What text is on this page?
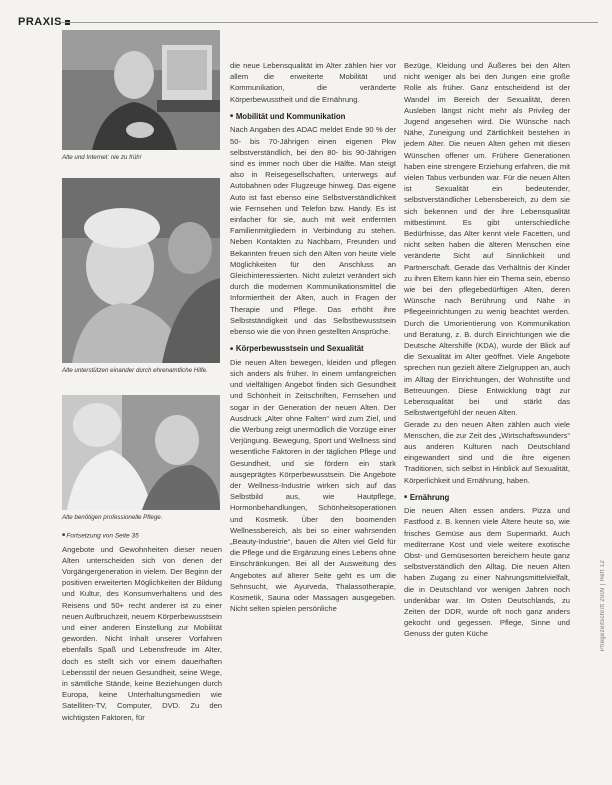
PRAXIS
Alte und Internet: nie zu früh!
Alte unterstützen einander durch ehrenamtliche Hilfe.
Alte benötigen professionelle Pflege.
■ Fortsetzung von Seite 35

Angebote und Gewohnheiten dieser neuen Alten unterscheiden sich von denen der Vorgängergeneration in vielem. Der Beginn der positiven erweiterten Möglichkeiten der Bildung und Kultur, des Konsumverhaltens und des Reisens und 50+ recht anderer ist zu einer neuen Aufbruchzeit, neuem Körperbewusstsein und einer anderen Einstellung zur Mobilität geworden. Nicht Inhalt unserer Vorfahren ebenfalls Spaß und Lebensfreude im Alter, doch es stellt sich vor einem dauerhaften Lebensstil der neuen Gesundheit, seine Wege, in sämtliche Stände, keine Beziehungen durch Europa, keine Unterhaltungsmedien wie Satelliten-TV, Computer, DVD. Zu den wichtigsten Faktoren, für

die neue Lebensqualität im Alter zählen hier vor allem die erweiterte Mobilität und Kommunikation, die veränderte Körperbewusstheit und die Ernährung.

■  Mobilität und Kommunikation

Nach Angaben des ADAC meldet Ende 90 % der 50- bis 70-Jährigen einen eigenen Pkw selbstverständlich, bei den 80- bis 90-Jährigen sind es immer noch über die Hälfte. Man steigt also in Reisegesellschaften, unterwegs auf Autobahnen oder Flugzeuge hinweg. Das eigene Auto ist fast ebenso eine Selbstverständlichkeit wie Fernsehen und Telefon bzw. Handy. Es ist einfacher für sie, auch mit weit entfernten Familienmitgliedern in Verbindung zu stehen. Neben Kontakten zu Nachbarn, Freunden und Bekannten freuen sich den Alten von heute viele Möglichkeiten für den Anschluss an Gleichinteressierten. Nicht zuletzt verändert sich durch die modernen Kommunikationsmittel die Informiertheit der Alten, auch in Fragen der Therapie und Pflege. Das erhöht ihre Selbstständigkeit und das Selbstbewusstsein ebenso wie die von ihnen gestellten Ansprüche.

■  Körperbewusstsein und Sexualität

Die neuen Alten bewegen, kleiden und pflegen sich anders als früher. In einem umfangreichen und vielfältigen Angebot finden sich Gesundheit und Schönheit in Zeitschriften, Fernsehen und sogar in der Generation der neuen Alten. Der Ausdruck „Alter ohne Falten“ wird zum Ziel, und die Werbung zeigt unermüdlich die Vorzüge einer Verjüngung. Bewegung, Sport und Wellness sind wesentliche Faktoren in der täglichen Pflege und Gesundheit, und sie fördern ein stark ausgeprägtes Körperbewusstsein. Die Angebote der Wellness-Industrie wirken sich auf das Selbstbild aus, wie Hautpflege, Hormonbehandlungen, Schönheitsoperationen und Kosmetik. Über den boomenden Wellnessbereich, als bei so einer wahrsenden „Beauty-Industrie“, bauen die Alten viel Geld für die Pflege und die Ergänzung eines Lebens ohne Einschränkungen. Bei all der Ausweitung des Angebotes auf älterer Seite geht es um die Sehnsucht, wie Ayurveda, Thalassotherapie, Kosmetik, Sauna oder Massagen ausgegeben. Nicht selten spielen persönliche

Bezüge, Kleidung und Äußeres bei den Alten nicht weniger als bei den Jungen eine große Rolle als früher. Ganz entscheidend ist der Wandel im Bereich der Sexualität, deren Ausleben längst nicht mehr als Privileg der Jugend angesehen wird. Die Wünsche nach Nähe, Zuneigung und Zärtlichkeit bestehen in jedem Alter. Die neuen Alten gehen mit diesen Wünschen offener um. Frühere Generationen haben eine strengere Erziehung erfahren, die mit vielen Tabus verbunden war. Für die neuen Alten ist Sexualität ein bedeutender, selbstverständlicher Lebensbereich, zu dem sie sich bekennen und der ihre Lebensqualität mitbestimmt. Es gibt unterschiedliche Bedürfnisse, das Alter kennt viele Facetten, und nicht selten haben die älteren Menschen eine veränderte Sicht auf Sinnlichkeit und Partnerschaft. Gerade das Verhältnis der Kinder zu ihren Eltern kann hier ein Thema sein, ebenso wie bei den pflegebedürftigen Alten, deren Wünsche nach Berührung und Nähe in Pflegeeinrichtungen zu wenig beachtet werden. Durch die Umorientierung von Kommunikation und Beratung, z. B. durch Einrichtungen wie die Deutsche Altershilfe (KDA), wurde der Blick auf die Sexualität im Alter geöffnet. Viele Angebote sprechen nun gezielt ältere Zielgruppen an, auch im Alltag der Einrichtungen, der Wohnstifte und Betreuungen. Diese Entwicklung trägt zur Lebensqualität bei und stärkt das Selbstwertgefühl der neuen Alten.

Gerade zu den neuen Alten zählen auch viele Menschen, die zur Zeit des „Wirtschaftswunders“ aus anderen Kulturen nach Deutschland eingewandert sind und die ihre eigenen Traditionen, sich selbst in Hinblick auf Sexualität, Körperlichkeit und Ernährung, haben.

■  Ernährung

Die neuen Alten essen anders. Pizza und Fastfood z. B. kennen viele Ältere heute so, wie frisches Gemüse aus dem Supermarkt. Auch mediterrane Kost und viele weitere exotische Obst- und Gemüsesorten bereichern heute ganz selbstverständlich den Alltag. Die neuen Alten haben Zugang zu einer Nahrungsmittelvielfalt, die in Deutschland vor wenigen Jahren noch undenkbar war. Im Osten Deutschlands, zu Zeiten der DDR, wurde oft noch ganz anders gekocht und gegessen. Pflege, Sinne und Genuss der guten Küche	Pflegezeitschrift 2009 | Heft 12
